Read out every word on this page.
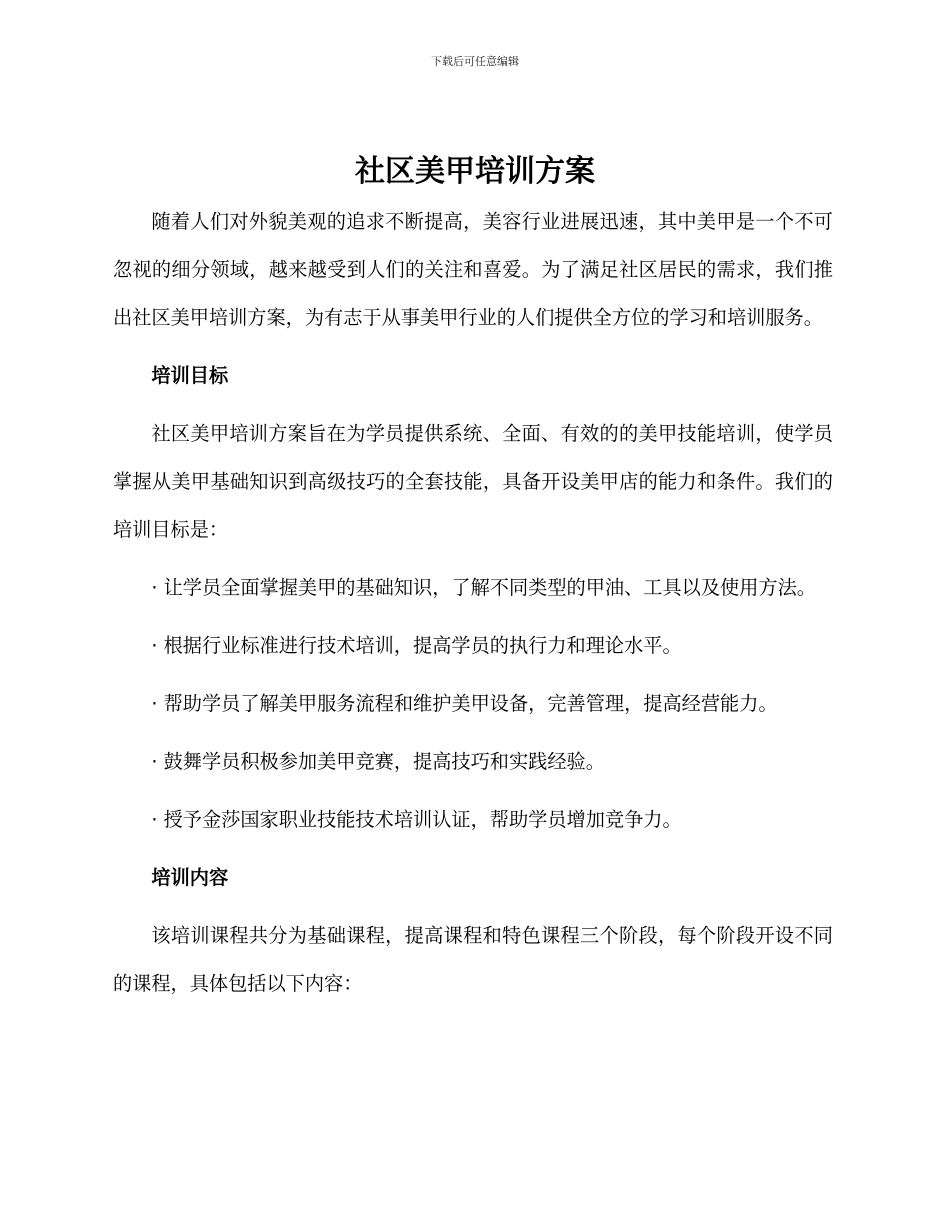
下载后可任意编辑
社区美甲培训方案

随着人们对外貌美观的追求不断提高，美容行业进展迅速，其中美甲是一个不可忽视的细分领域，越来越受到人们的关注和喜爱。为了满足社区居民的需求，我们推出社区美甲培训方案，为有志于从事美甲行业的人们提供全方位的学习和培训服务。

培训目标

社区美甲培训方案旨在为学员提供系统、全面、有效的的美甲技能培训，使学员掌握从美甲基础知识到高级技巧的全套技能，具备开设美甲店的能力和条件。我们的培训目标是：

· 让学员全面掌握美甲的基础知识，了解不同类型的甲油、工具以及使用方法。

· 根据行业标准进行技术培训，提高学员的执行力和理论水平。

· 帮助学员了解美甲服务流程和维护美甲设备，完善管理，提高经营能力。

· 鼓舞学员积极参加美甲竞赛，提高技巧和实践经验。

· 授予金莎国家职业技能技术培训认证，帮助学员增加竞争力。

培训内容

该培训课程共分为基础课程，提高课程和特色课程三个阶段，每个阶段开设不同的课程，具体包括以下内容：
